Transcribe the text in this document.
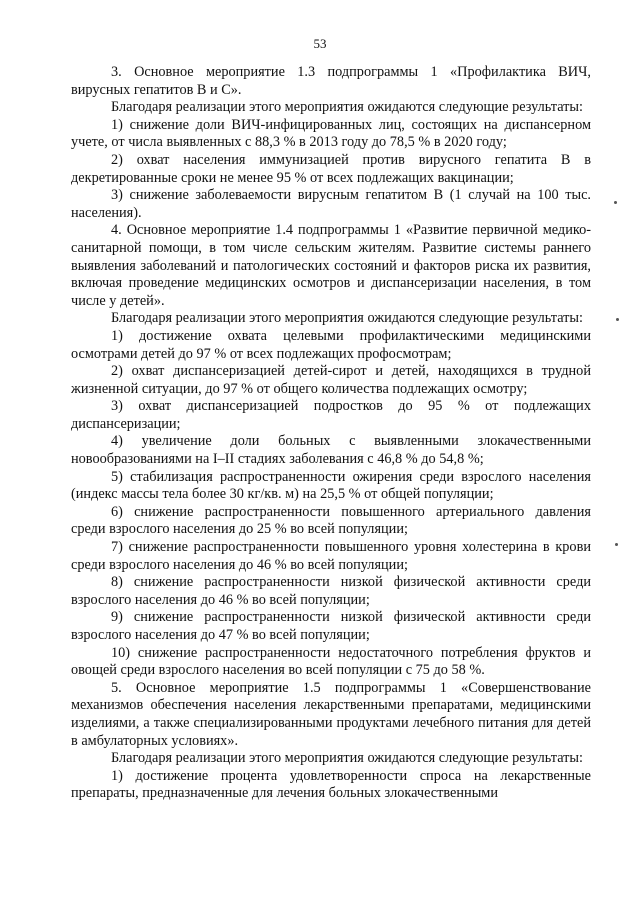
53

3. Основное мероприятие 1.3 подпрограммы 1 «Профилактика ВИЧ, вирусных гепатитов В и С».

Благодаря реализации этого мероприятия ожидаются следующие результаты:

1) снижение доли ВИЧ-инфицированных лиц, состоящих на диспансерном учете, от числа выявленных с 88,3 % в 2013 году до 78,5 % в 2020 году;

2) охват населения иммунизацией против вирусного гепатита В в декретированные сроки не менее 95 % от всех подлежащих вакцинации;

3) снижение заболеваемости вирусным гепатитом В (1 случай на 100 тыс. населения).

4. Основное мероприятие 1.4 подпрограммы 1 «Развитие первичной медико-санитарной помощи, в том числе сельским жителям. Развитие системы раннего выявления заболеваний и патологических состояний и факторов риска их развития, включая проведение медицинских осмотров и диспансеризации населения, в том числе у детей».

Благодаря реализации этого мероприятия ожидаются следующие результаты:

1) достижение охвата целевыми профилактическими медицинскими осмотрами детей до 97 % от всех подлежащих профосмотрам;

2) охват диспансеризацией детей-сирот и детей, находящихся в трудной жизненной ситуации, до 97 % от общего количества подлежащих осмотру;

3) охват диспансеризацией подростков до 95 % от подлежащих диспансеризации;

4) увеличение доли больных с выявленными злокачественными новообразованиями на I–II стадиях заболевания с 46,8 % до 54,8 %;

5) стабилизация распространенности ожирения среди взрослого населения (индекс массы тела более 30 кг/кв. м) на 25,5 % от общей популяции;

6) снижение распространенности повышенного артериального давления среди взрослого населения до 25 % во всей популяции;

7) снижение распространенности повышенного уровня холестерина в крови среди взрослого населения до 46 % во всей популяции;

8) снижение распространенности низкой физической активности среди взрослого населения до 46 % во всей популяции;

9) снижение распространенности низкой физической активности среди взрослого населения до 47 % во всей популяции;

10) снижение распространенности недостаточного потребления фруктов и овощей среди взрослого населения во всей популяции с 75 до 58 %.

5. Основное мероприятие 1.5 подпрограммы 1 «Совершенствование механизмов обеспечения населения лекарственными препаратами, медицинскими изделиями, а также специализированными продуктами лечебного питания для детей в амбулаторных условиях».

Благодаря реализации этого мероприятия ожидаются следующие результаты:

1) достижение процента удовлетворенности спроса на лекарственные препараты, предназначенные для лечения больных злокачественными
